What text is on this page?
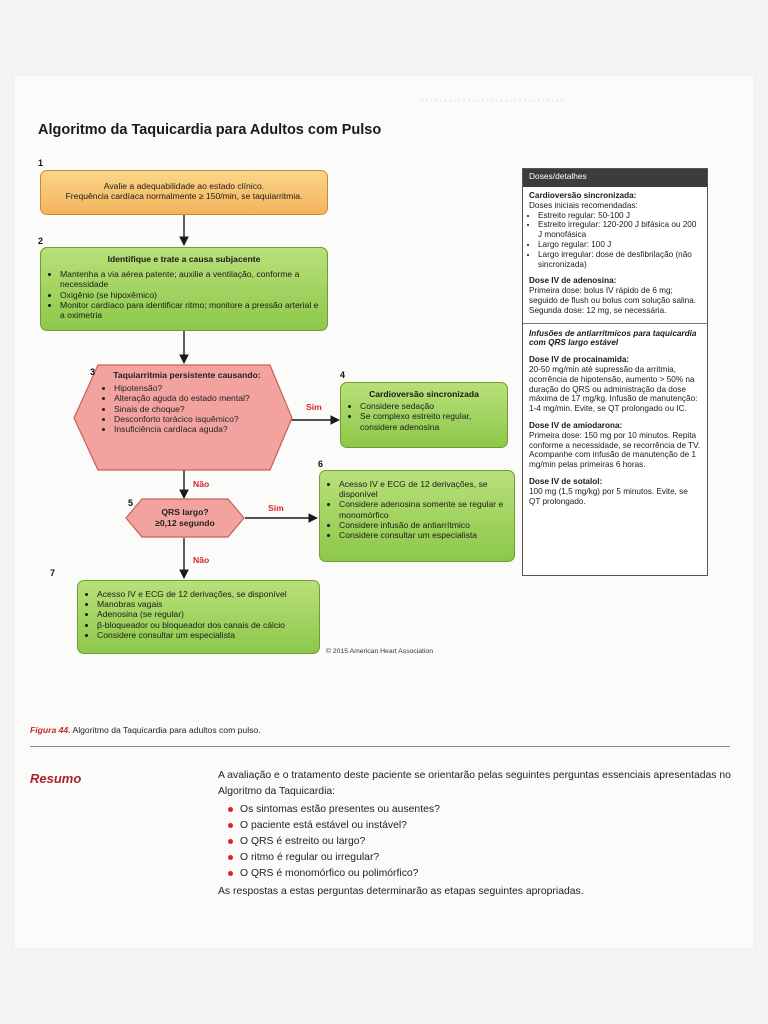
·······························
Algoritmo da Taquicardia para Adultos com Pulso
1
2
3	4
5
6
7
Avalie a adequabilidade ao estado clínico.
Frequência cardíaca normalmente ≥ 150/min, se taquiarritmia.
Identifique e trate a causa subjacente
• Mantenha a via aérea patente; auxilie a ventilação, conforme a necessidade
• Oxigênio (se hipoxêmico)
• Monitor cardíaco para identificar ritmo; monitore a pressão arterial e a oximetria
Taquiarritmia persistente causando:
• Hipotensão?
• Alteração aguda do estado mental?
• Sinais de choque?
• Desconforto torácico isquêmico?
• Insuficiência cardíaca aguda?
Cardioversão sincronizada
• Considere sedação
• Se complexo estreito regular, considere adenosina
QRS largo?
≥0,12 segundo
• Acesso IV e ECG de 12 derivações, se disponível
• Considere adenosina somente se regular e monomórfico
• Considere infusão de antiarrítmico
• Considere consultar um especialista
• Acesso IV e ECG de 12 derivações, se disponível
• Manobras vagais
• Adenosina (se regular)
• β-bloqueador ou bloqueador dos canais de cálcio
• Considere consultar um especialista
Sim
Não
Sim
Não
Doses/detalhes
Cardioversão sincronizada:
Doses iniciais recomendadas:
• Estreito regular: 50-100 J
• Estreito irregular: 120-200 J bifásica ou 200 J monofásica
• Largo regular: 100 J
• Largo irregular: dose de desfibrilação (não sincronizada)
Dose IV de adenosina:
Primeira dose: bolus IV rápido de 6 mg; seguido de flush ou bolus com solução salina. Segunda dose: 12 mg, se necessária.
Infusões de antiarrítmicos para taquicardia com QRS largo estável
Dose IV de procainamida:
20-50 mg/min até supressão da arritmia, ocorrência de hipotensão, aumento > 50% na duração do QRS ou administração da dose máxima de 17 mg/kg. Infusão de manutenção: 1-4 mg/min. Evite, se QT prolongado ou IC.
Dose IV de amiodarona:
Primeira dose: 150 mg por 10 minutos. Repita conforme a necessidade, se recorrência de TV. Acompanhe com infusão de manutenção de 1 mg/min pelas primeiras 6 horas.
Dose IV de sotalol:
100 mg (1,5 mg/kg) por 5 minutos. Evite, se QT prolongado.
© 2015 American Heart Association
Figura 44. Algoritmo da Taquicardia para adultos com pulso.
Resumo	A avaliação e o tratamento deste paciente se orientarão pelas seguintes perguntas essenciais apresentadas no Algoritmo da Taquicardia:
Os sintomas estão presentes ou ausentes?
O paciente está estável ou instável?
O QRS é estreito ou largo?
O ritmo é regular ou irregular?
O QRS é monomórfico ou polimórfico?
As respostas a estas perguntas determinarão as etapas seguintes apropriadas.
